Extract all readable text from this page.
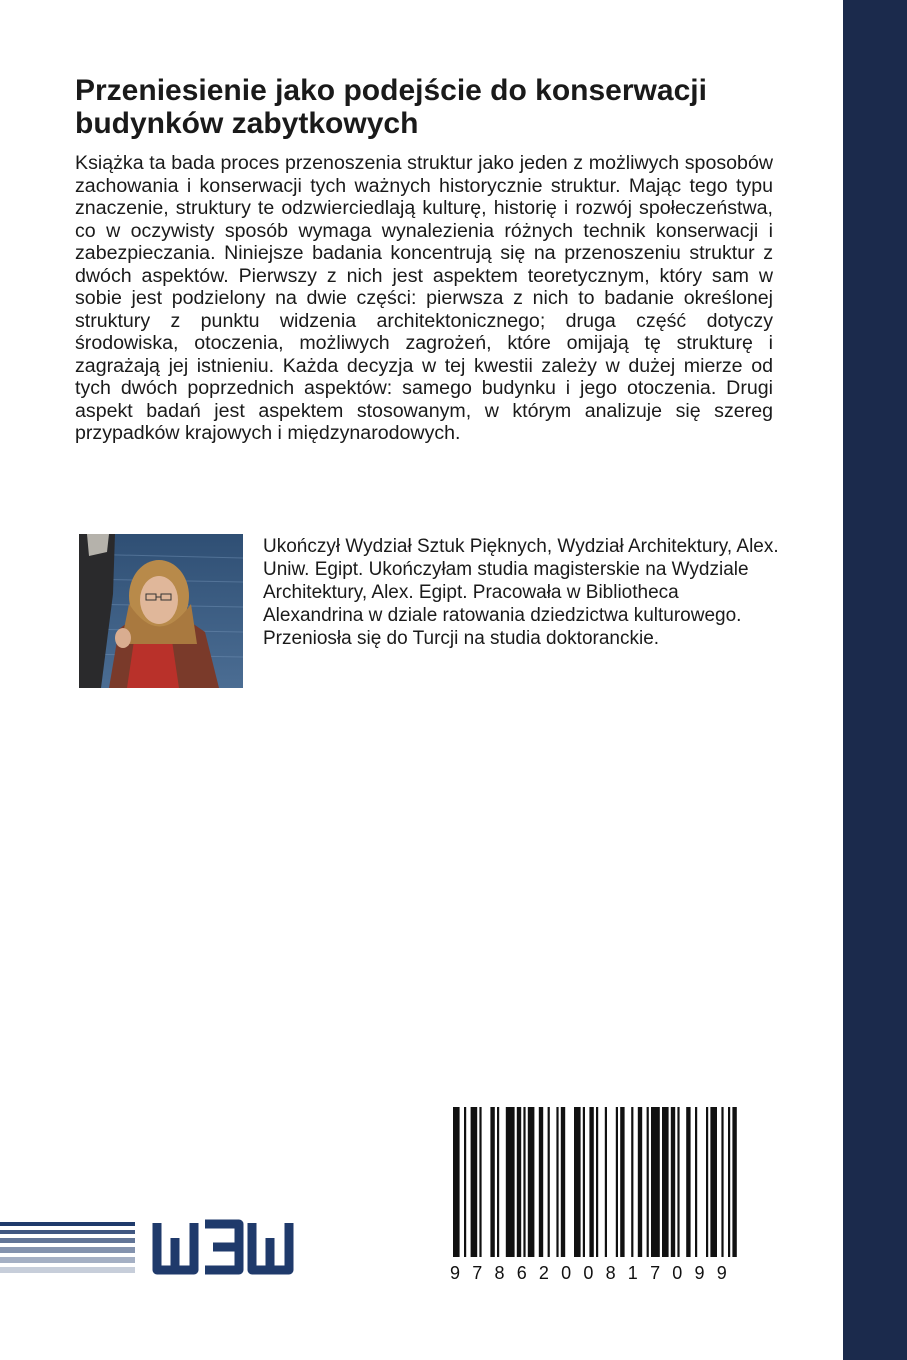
Przeniesienie jako podejście do konserwacji
budynków zabytkowych

Książka ta bada proces przenoszenia struktur jako jeden z możliwych sposobów zachowania i konserwacji tych ważnych historycznie struktur. Mając tego typu znaczenie, struktury te odzwierciedlają kulturę, historię i rozwój społeczeństwa, co w oczywisty sposób wymaga wynalezienia różnych technik konserwacji i zabezpieczania. Niniejsze badania koncentrują się na przenoszeniu struktur z dwóch aspektów. Pierwszy z nich jest aspektem teoretycznym, który sam w sobie jest podzielony na dwie części: pierwsza z nich to badanie określonej struktury z punktu widzenia architektonicznego; druga część dotyczy środowiska, otoczenia, możliwych zagrożeń, które omijają tę strukturę i zagrażają jej istnieniu. Każda decyzja w tej kwestii zależy w dużej mierze od tych dwóch poprzednich aspektów: samego budynku i jego otoczenia. Drugi aspekt badań jest aspektem stosowanym, w którym analizuje się szereg przypadków krajowych i międzynarodowych.

Ukończył Wydział Sztuk Pięknych, Wydział Architektury, Alex. Uniw. Egipt. Ukończyłam studia magisterskie na Wydziale Architektury, Alex. Egipt. Pracowała w Bibliotheca Alexandrina w dziale ratowania dziedzictwa kulturowego. Przeniosła się do Turcji na studia doktoranckie.

9 7 8 6 2 0 0 8 1 7 0 9 9
